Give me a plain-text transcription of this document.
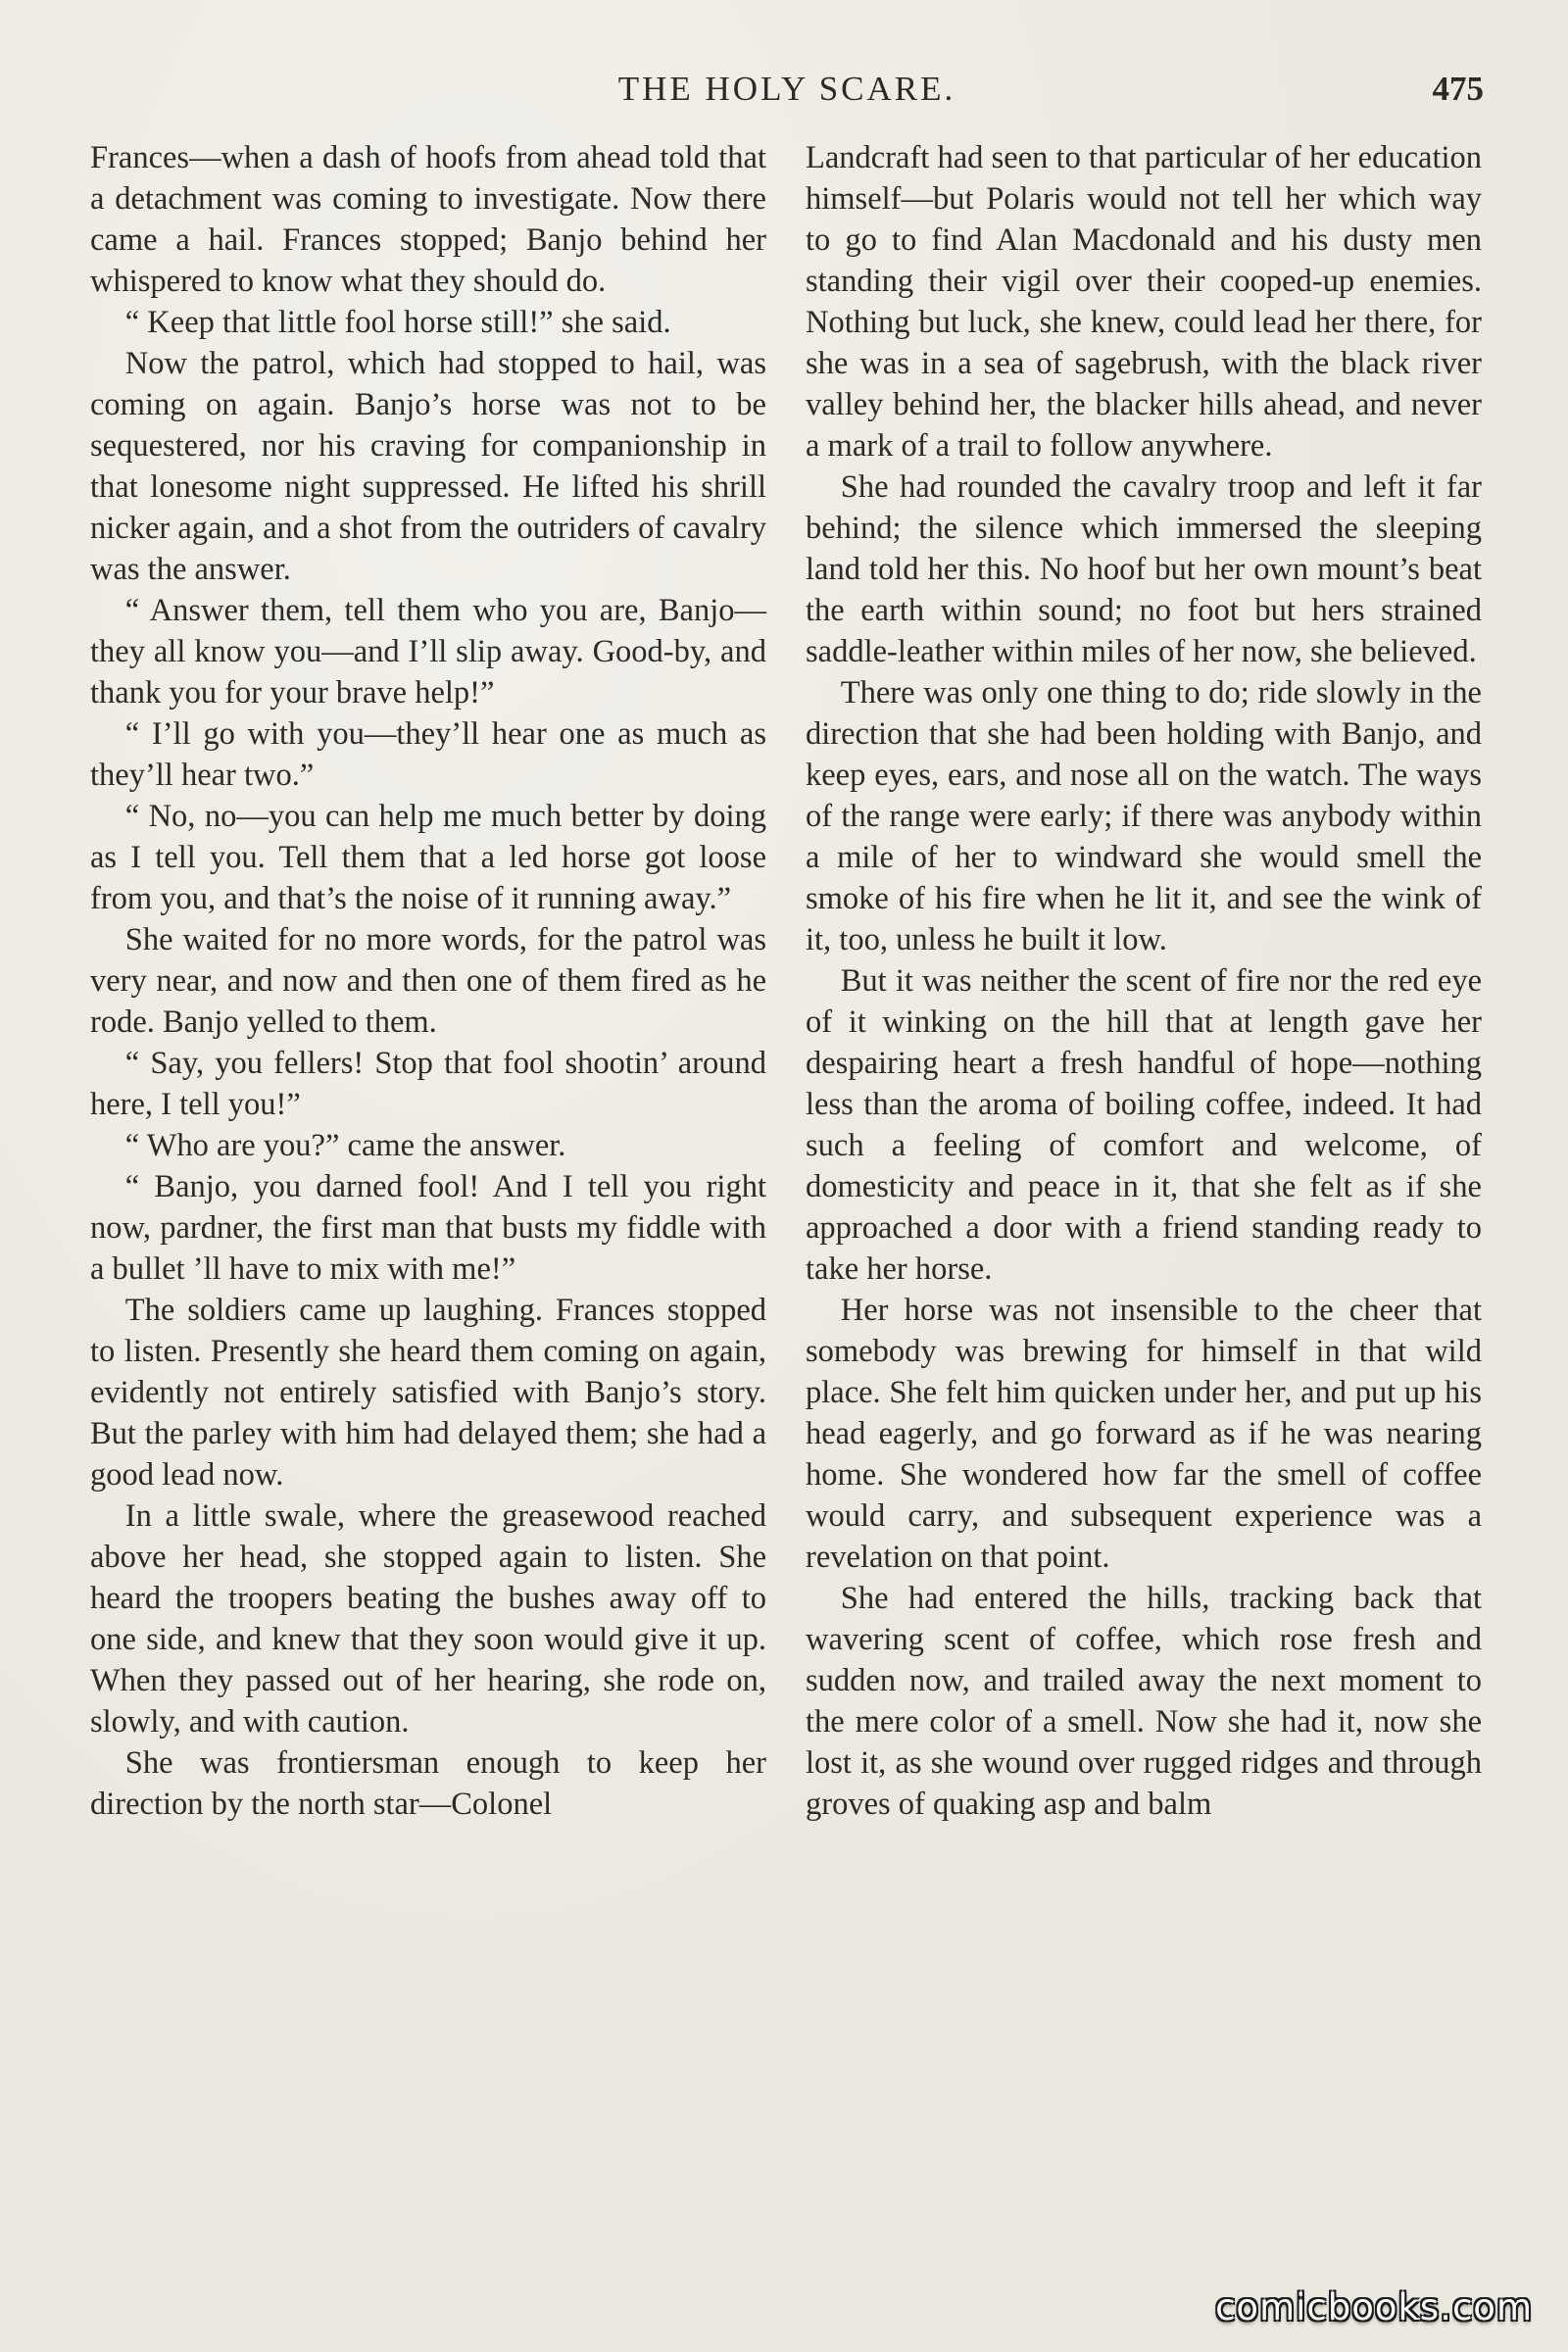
THE HOLY SCARE.	475

Frances—when a dash of hoofs from ahead told that a detachment was coming to investigate. Now there came a hail. Frances stopped; Banjo behind her whispered to know what they should do.

“ Keep that little fool horse still!” she said.

Now the patrol, which had stopped to hail, was coming on again. Banjo’s horse was not to be sequestered, nor his craving for companionship in that lonesome night suppressed. He lifted his shrill nicker again, and a shot from the outriders of cavalry was the answer.

“ Answer them, tell them who you are, Banjo—they all know you—and I’ll slip away. Good-by, and thank you for your brave help!”

“ I’ll go with you—they’ll hear one as much as they’ll hear two.”

“ No, no—you can help me much better by doing as I tell you. Tell them that a led horse got loose from you, and that’s the noise of it running away.”

She waited for no more words, for the patrol was very near, and now and then one of them fired as he rode. Banjo yelled to them.

“ Say, you fellers! Stop that fool shootin’ around here, I tell you!”

“ Who are you?” came the answer.

“ Banjo, you darned fool! And I tell you right now, pardner, the first man that busts my fiddle with a bullet ’ll have to mix with me!”

The soldiers came up laughing. Frances stopped to listen. Presently she heard them coming on again, evidently not entirely satisfied with Banjo’s story. But the parley with him had delayed them; she had a good lead now.

In a little swale, where the greasewood reached above her head, she stopped again to listen. She heard the troopers beating the bushes away off to one side, and knew that they soon would give it up. When they passed out of her hearing, she rode on, slowly, and with caution.

She was frontiersman enough to keep her direction by the north star—Colonel

Landcraft had seen to that particular of her education himself—but Polaris would not tell her which way to go to find Alan Macdonald and his dusty men standing their vigil over their cooped-up enemies. Nothing but luck, she knew, could lead her there, for she was in a sea of sagebrush, with the black river valley behind her, the blacker hills ahead, and never a mark of a trail to follow anywhere.

She had rounded the cavalry troop and left it far behind; the silence which immersed the sleeping land told her this. No hoof but her own mount’s beat the earth within sound; no foot but hers strained saddle-leather within miles of her now, she believed.

There was only one thing to do; ride slowly in the direction that she had been holding with Banjo, and keep eyes, ears, and nose all on the watch. The ways of the range were early; if there was anybody within a mile of her to windward she would smell the smoke of his fire when he lit it, and see the wink of it, too, unless he built it low.

But it was neither the scent of fire nor the red eye of it winking on the hill that at length gave her despairing heart a fresh handful of hope—nothing less than the aroma of boiling coffee, indeed. It had such a feeling of comfort and welcome, of domesticity and peace in it, that she felt as if she approached a door with a friend standing ready to take her horse.

Her horse was not insensible to the cheer that somebody was brewing for himself in that wild place. She felt him quicken under her, and put up his head eagerly, and go forward as if he was nearing home. She wondered how far the smell of coffee would carry, and subsequent experience was a revelation on that point.

She had entered the hills, tracking back that wavering scent of coffee, which rose fresh and sudden now, and trailed away the next moment to the mere color of a smell. Now she had it, now she lost it, as she wound over rugged ridges and through groves of quaking asp and balm

comicbooks.com
